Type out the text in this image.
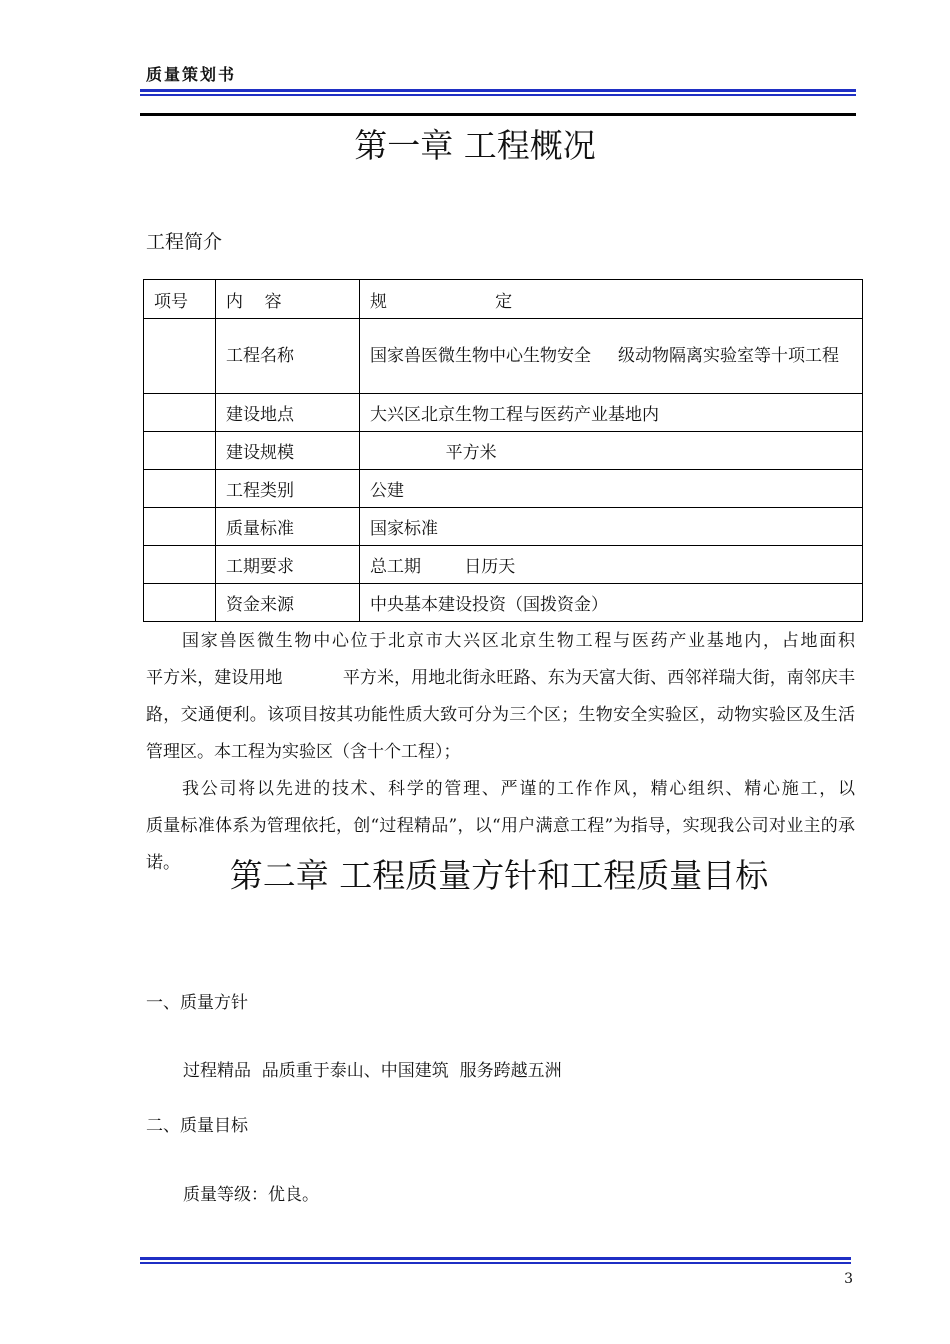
质量策划书
第一章 工程概况
工程简介
项号	内    容	规                    定
	工程名称	国家兽医微生物中心生物安全     级动物隔离实验室等十项工程
	建设地点	大兴区北京生物工程与医药产业基地内
	建设规模	平方米
	工程类别	公建
	质量标准	国家标准
	工期要求	总工期        日历天
	资金来源	中央基本建设投资（国拨资金）
国家兽医微生物中心位于北京市大兴区北京生物工程与医药产业基地内，占地面积          平方米，建设用地           平方米，用地北街永旺路、东为天富大街、西邻祥瑞大街，南邻庆丰路，交通便利。该项目按其功能性质大致可分为三个区；生物安全实验区，动物实验区及生活管理区。本工程为实验区（含十个工程）；
我公司将以先进的技术、科学的管理、严谨的工作作风，精心组织、精心施工，以            质量标准体系为管理依托，创“过程精品”，以“用户满意工程”为指导，实现我公司对业主的承诺。	第二章 工程质量方针和工程质量目标
一、质量方针
过程精品  品质重于泰山、中国建筑  服务跨越五洲
二、质量目标
质量等级：优良。
3
